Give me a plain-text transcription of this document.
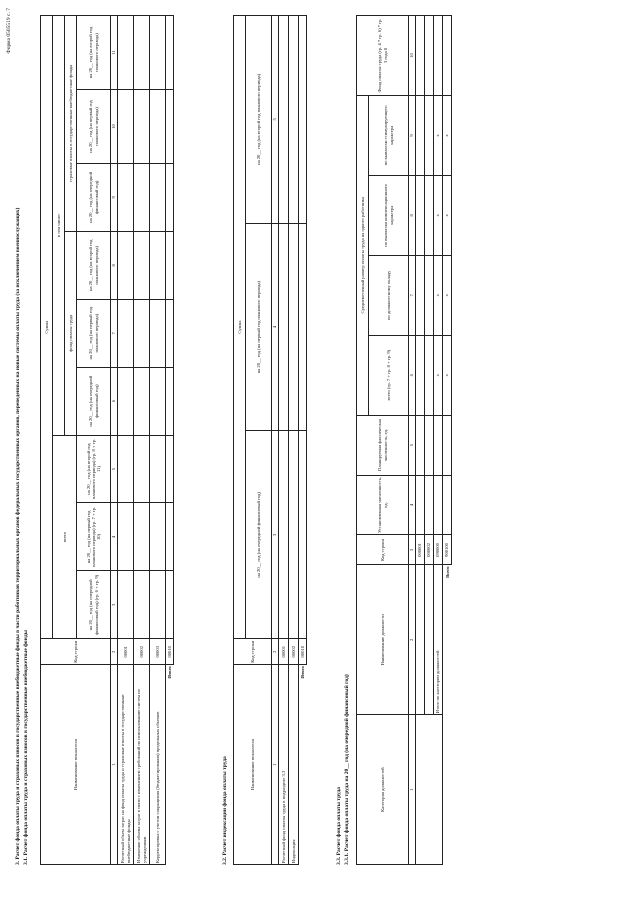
Форма 0505519 с. 7
3. Расчет фонда оплаты труда и страховых взносов в государственные внебюджетные фонды в части работников территориальных органов федеральных государственных органов, переведенных на новые системы оплаты труда (за исключением военнослужащих) 3.1. Расчет фонда оплаты труда и страховых взносов в государственные внебюджетные фонды	Наименование показателя	Код строки	Сумма								
		всего			в том числе:					
					фонд оплаты труда			страховые взносы в государственные внебюджетные фонды		
		на 20__ год (на очередной финансовый год) (гр. 6 + гр. 9)	на 20__ год (на первый год планового периода) (гр. 7 + гр. 10)	на 20__ год (на второй год планового периода) (гр. 8 + гр. 11)	на 20__ год (на очередной финансовый год)	на 20__ год (на первый год планового периода)	на 20__ год (на второй год планового периода)	на 20__ год (на очередной финансовый год)	на 20__ год (на первый год планового периода)	на 20__ год (на второй год планового периода)
1	2	3	4	5	6	7	8	9	10	11
Расчетный объем затрат на фонд оплаты труда и страховые взносы в государственные внебюджетные фонды	00001									
Изменение объема затрат в связи с изменением требований по использованию систем по учреждениям	00002									
Корректировка с учетом сокращения (бюджетирования) предельных объемов	00003									
Итого	00010									
3.2. Расчет индексации фонда оплаты труда	Наименование показателя	Код строки	Сумма		
		на 20__ год (на очередной финансовый год)	на 20__ год (на первый год планового периода)	на 20__ год (на второй год планового периода)
1	2	3	4	5
Расчетный фонд оплаты труда в подразделе 3.3	00001			
Индексация	00002			
Итого	00010			
3.3. Расчет фонда оплаты труда 3.3.1. Расчет фонда оплаты труда на 20__ год (на очередной финансовый год)	Категория должностей	Наименование должности	Код строки	Установленная численность, ед.	Планируемая фактическая численность, ед.	Среднемесячный размер оплаты труда на одного работника				Фонд оплаты труда (гр. 4 * гр. 6) * гр. 3 года 8
					всего (гр. 7 + гр. 8 + гр. 9)	по должностному окладу	по выплатам компенсационного характера	по выплатам стимулирующего характера	
1	2	3	4	5	6	7	8	9	10
		000001							
		000002							
	Итого по категории должностей	090000			x	x	x	x	
Всего		900100			x	x	x	x	
